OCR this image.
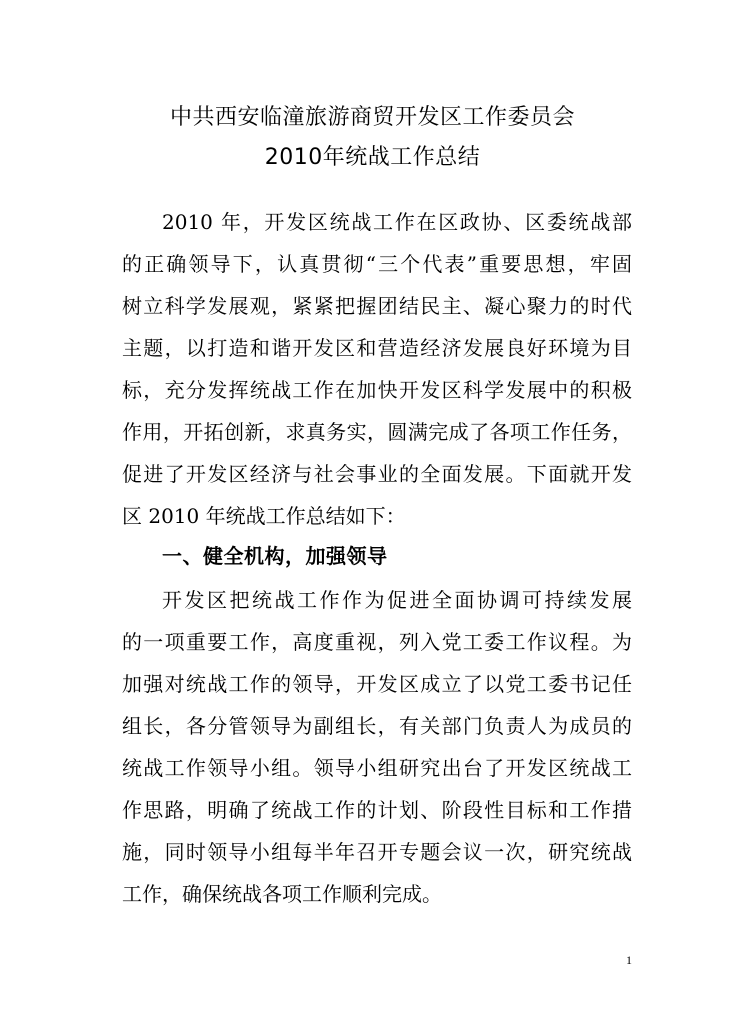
中共西安临潼旅游商贸开发区工作委员会
2010年统战工作总结
2010 年，开发区统战工作在区政协、区委统战部
的正确领导下，认真贯彻“三个代表”重要思想，牢固
树立科学发展观，紧紧把握团结民主、凝心聚力的时代
主题，以打造和谐开发区和营造经济发展良好环境为目
标，充分发挥统战工作在加快开发区科学发展中的积极
作用，开拓创新，求真务实，圆满完成了各项工作任务，
促进了开发区经济与社会事业的全面发展。下面就开发
区 2010 年统战工作总结如下：
一、健全机构，加强领导
开发区把统战工作作为促进全面协调可持续发展
的一项重要工作，高度重视，列入党工委工作议程。为
加强对统战工作的领导，开发区成立了以党工委书记任
组长，各分管领导为副组长，有关部门负责人为成员的
统战工作领导小组。领导小组研究出台了开发区统战工
作思路，明确了统战工作的计划、阶段性目标和工作措
施，同时领导小组每半年召开专题会议一次，研究统战
工作，确保统战各项工作顺利完成。
1
